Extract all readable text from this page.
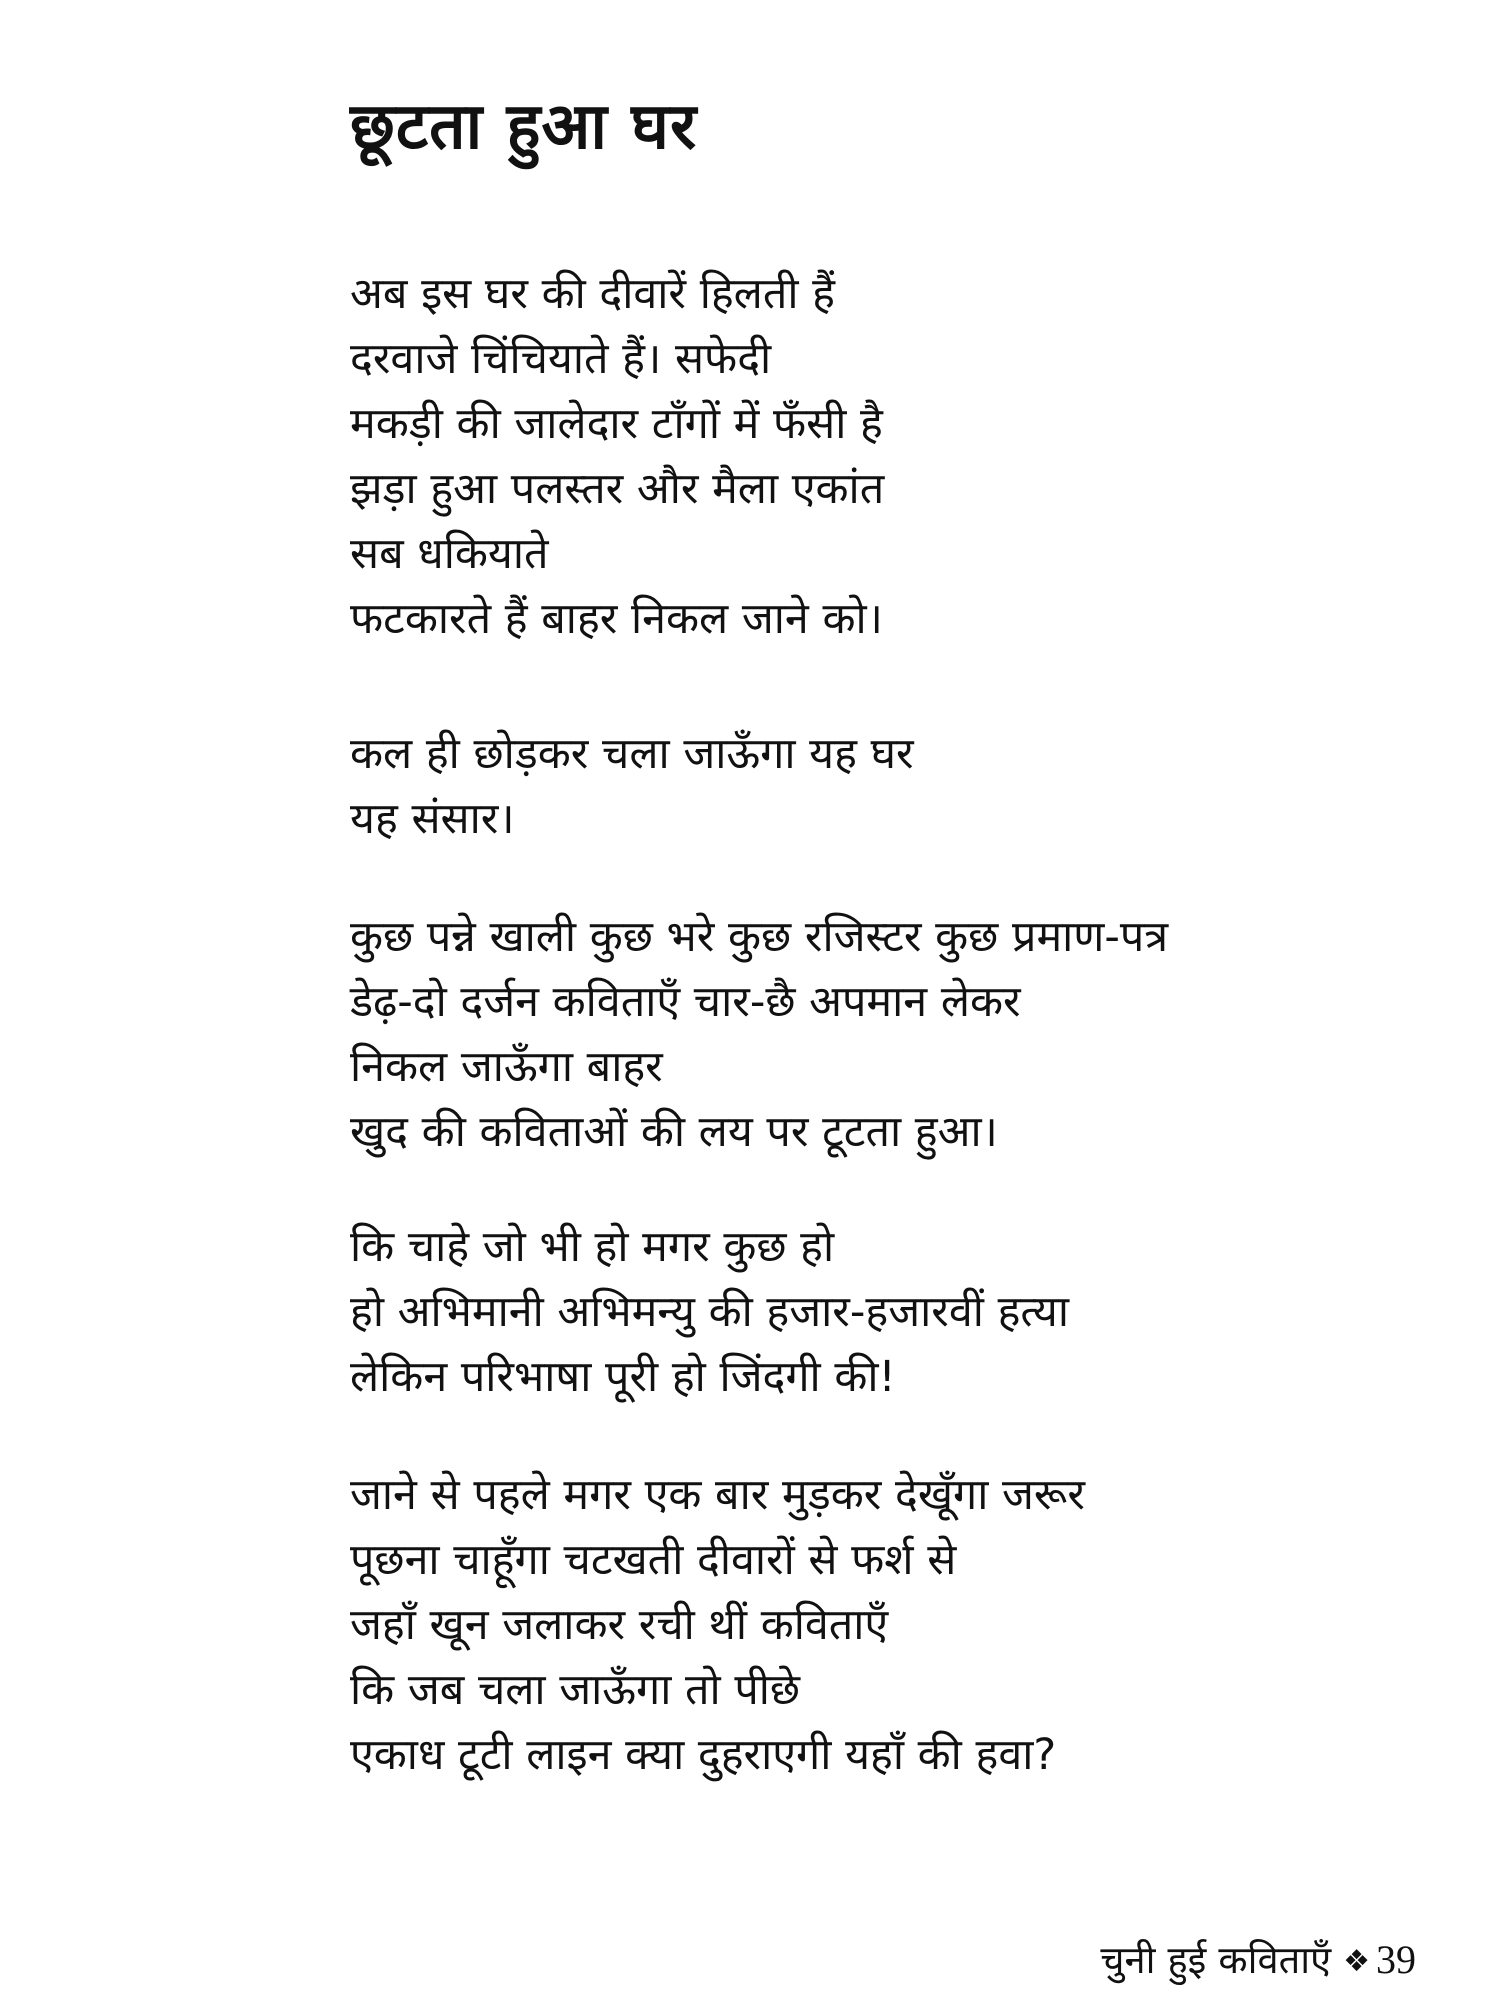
छूटता हुआ घर
अब इस घर की दीवारें हिलती हैं
दरवाजे चिंचियाते हैं। सफेदी
मकड़ी की जालेदार टाँगों में फँसी है
झड़ा हुआ पलस्तर और मैला एकांत
सब धकियाते
फटकारते हैं बाहर निकल जाने को।
कल ही छोड़कर चला जाऊँगा यह घर
यह संसार।
कुछ पन्ने खाली कुछ भरे कुछ रजिस्टर कुछ प्रमाण-पत्र
डेढ़-दो दर्जन कविताएँ चार-छै अपमान लेकर
निकल जाऊँगा बाहर
खुद की कविताओं की लय पर टूटता हुआ।
कि चाहे जो भी हो मगर कुछ हो
हो अभिमानी अभिमन्यु की हजार-हजारवीं हत्या
लेकिन परिभाषा पूरी हो जिंदगी की!
जाने से पहले मगर एक बार मुड़कर देखूँगा जरूर
पूछना चाहूँगा चटखती दीवारों से फर्श से
जहाँ खून जलाकर रची थीं कविताएँ
कि जब चला जाऊँगा तो पीछे
एकाध टूटी लाइन क्या दुहराएगी यहाँ की हवा?
चुनी हुई कविताएँ ❖ 39
